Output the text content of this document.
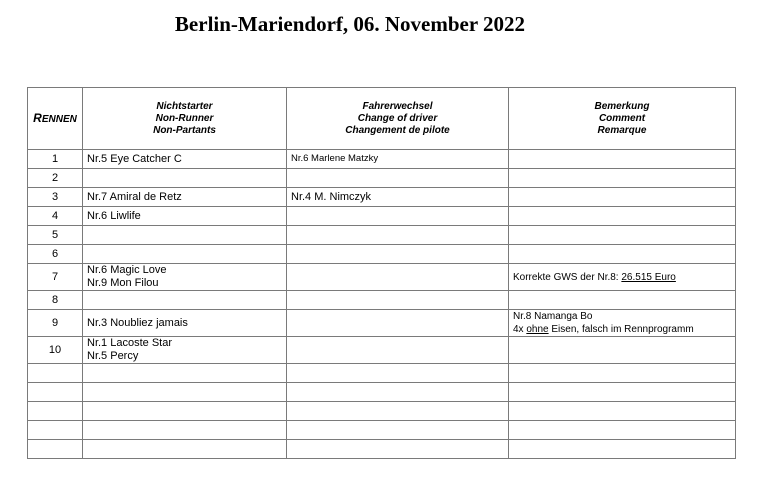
Berlin-Mariendorf, 06. November 2022
RENNEN	Nichtstarter
Non-Runner
Non-Partants	Fahrerwechsel
Change of driver
Changement de pilote	Bemerkung
Comment
Remarque

1	Nr.5 Eye Catcher C	Nr.6 Marlene Matzky	
2			
3	Nr.7 Amiral de Retz	Nr.4 M. Nimczyk	
4	Nr.6 Liwlife		

5			
6			
7	Nr.6 Magic Love
Nr.9 Mon Filou		Korrekte GWS der Nr.8: 26.515 Euro
8			
9	Nr.3 Noubliez jamais		Nr.8 Namanga Bo
4x ohne Eisen, falsch im Rennprogramm

10	Nr.1 Lacoste Star
Nr.5 Percy		
